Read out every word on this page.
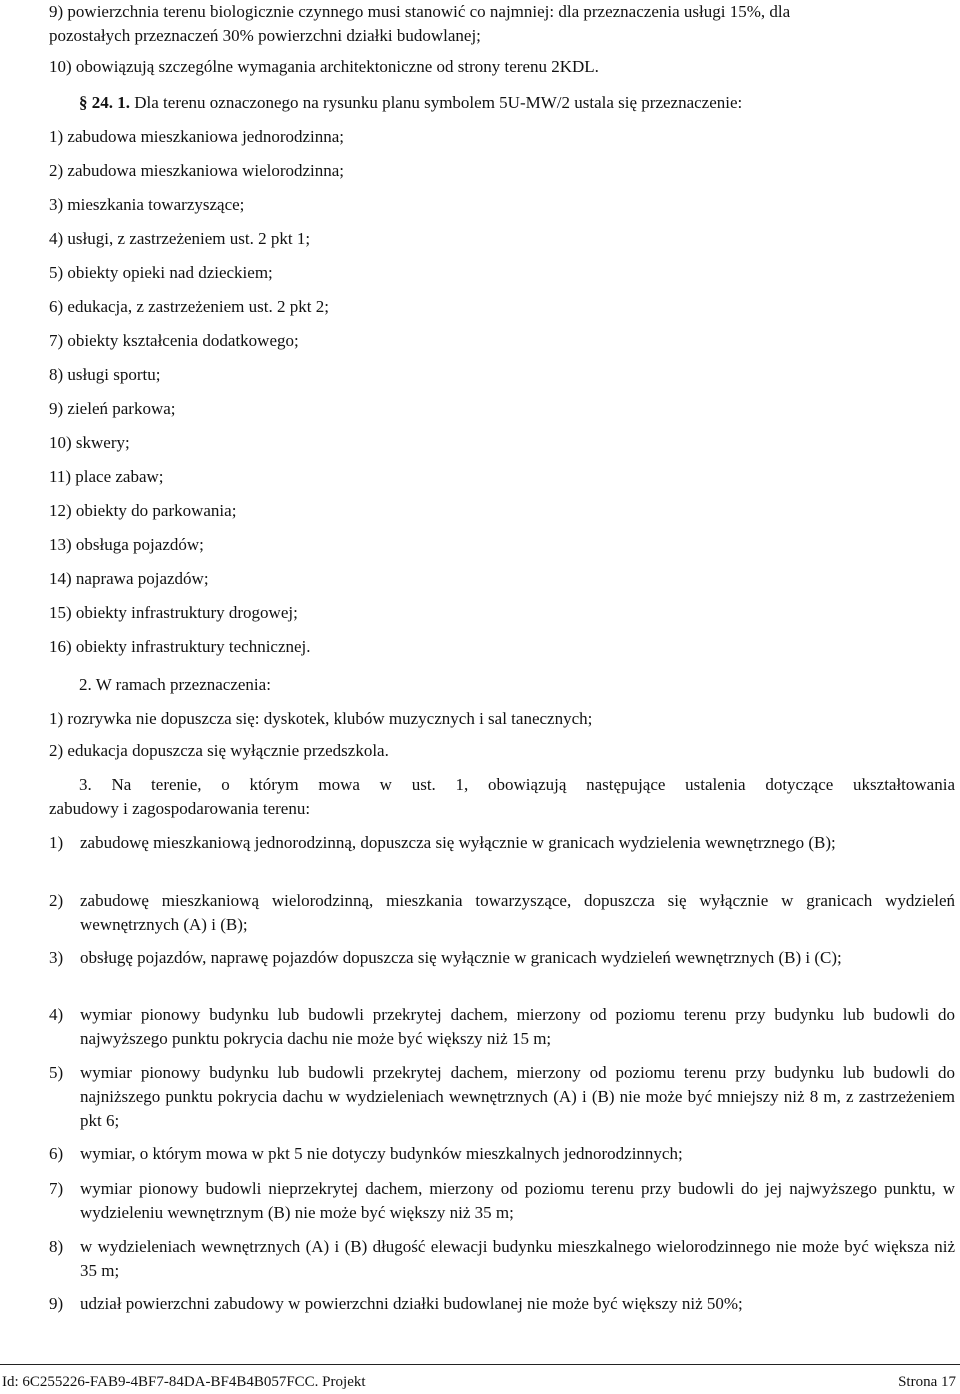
9) powierzchnia terenu biologicznie czynnego musi stanowić co najmniej: dla przeznaczenia usługi 15%, dla
pozostałych przeznaczeń 30% powierzchni działki budowlanej;
10) obowiązują szczególne wymagania architektoniczne od strony terenu 2KDL.
§ 24. 1. Dla terenu oznaczonego na rysunku planu symbolem 5U-MW/2 ustala się przeznaczenie:
1) zabudowa mieszkaniowa jednorodzinna;
2) zabudowa mieszkaniowa wielorodzinna;
3) mieszkania towarzyszące;
4) usługi, z zastrzeżeniem ust. 2 pkt 1;
5) obiekty opieki nad dzieckiem;
6) edukacja, z zastrzeżeniem ust. 2 pkt 2;
7) obiekty kształcenia dodatkowego;
8) usługi sportu;
9) zieleń parkowa;
10) skwery;
11) place zabaw;
12) obiekty do parkowania;
13) obsługa pojazdów;
14) naprawa pojazdów;
15) obiekty infrastruktury drogowej;
16) obiekty infrastruktury technicznej.
2. W ramach przeznaczenia:
1) rozrywka nie dopuszcza się: dyskotek, klubów muzycznych i sal tanecznych;
2) edukacja dopuszcza się wyłącznie przedszkola.
3. Na terenie, o którym mowa w ust. 1, obowiązują następujące ustalenia dotyczące ukształtowania
zabudowy i zagospodarowania terenu:
1) zabudowę mieszkaniową jednorodzinną, dopuszcza się wyłącznie w granicach wydzielenia wewnętrznego (B);
2) zabudowę mieszkaniową wielorodzinną, mieszkania towarzyszące, dopuszcza się wyłącznie w granicach wydzieleń wewnętrznych (A) i (B);
3) obsługę pojazdów, naprawę pojazdów dopuszcza się wyłącznie w granicach wydzieleń wewnętrznych (B) i (C);
4) wymiar pionowy budynku lub budowli przekrytej dachem, mierzony od poziomu terenu przy budynku lub budowli do najwyższego punktu pokrycia dachu nie może być większy niż 15 m;
5) wymiar pionowy budynku lub budowli przekrytej dachem, mierzony od poziomu terenu przy budynku lub budowli do najniższego punktu pokrycia dachu w wydzieleniach wewnętrznych (A) i (B) nie może być mniejszy niż 8 m, z zastrzeżeniem pkt 6;
6) wymiar, o którym mowa w pkt 5 nie dotyczy budynków mieszkalnych jednorodzinnych;
7) wymiar pionowy budowli nieprzekrytej dachem, mierzony od poziomu terenu przy budowli do jej najwyższego punktu, w wydzieleniu wewnętrznym (B) nie może być większy niż 35 m;
8) w wydzieleniach wewnętrznych (A) i (B) długość elewacji budynku mieszkalnego wielorodzinnego nie może być większa niż 35 m;
9) udział powierzchni zabudowy w powierzchni działki budowlanej nie może być większy niż 50%;
Id: 6C255226-FAB9-4BF7-84DA-BF4B4B057FCC. Projekt	Strona 17
